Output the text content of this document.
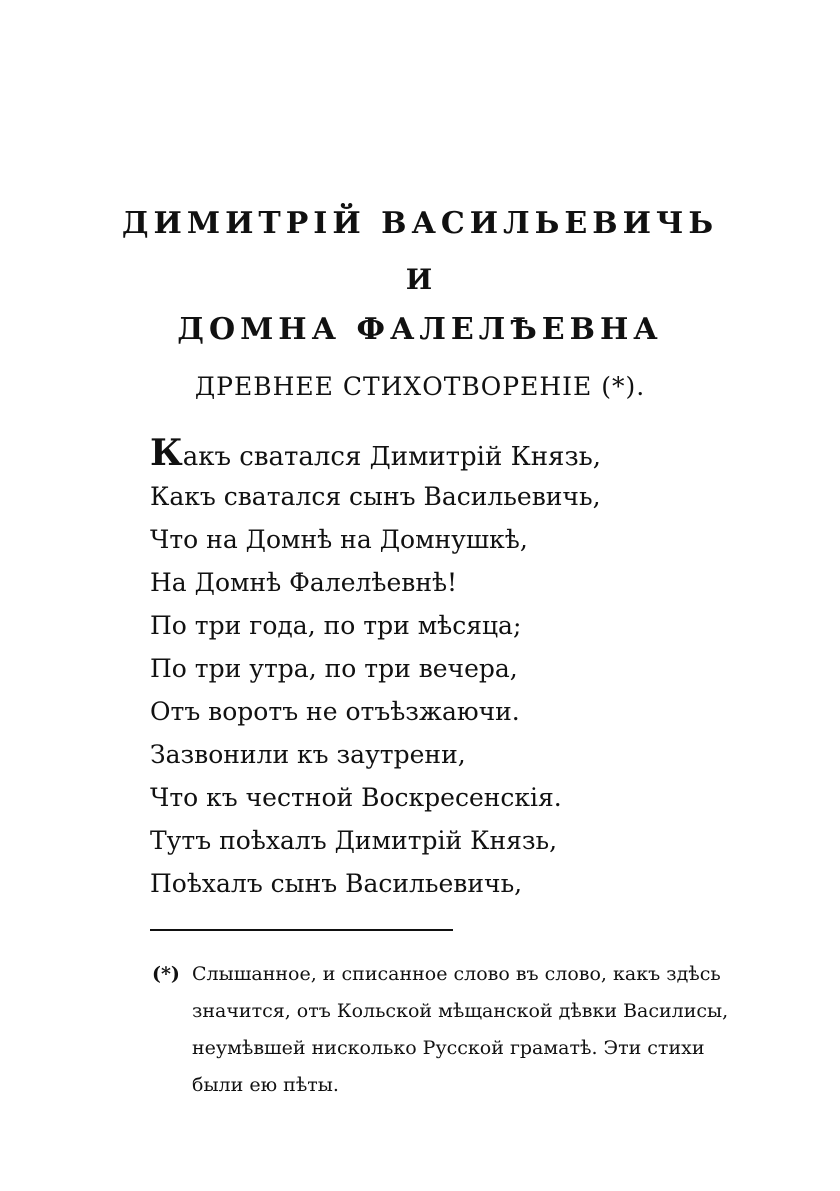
ДИМИТРІЙ ВАСИЛЬЕВИЧЬ
И
ДОМНА ФАЛЕЛѢЕВНА
ДРЕВНЕЕ СТИХОТВОРЕНІЕ (*).
Какъ сватался Димитрій Князь,
Какъ сватался сынъ Васильевичь,
Что на Домнѣ на Домнушкѣ,
На Домнѣ Фалелѣевнѣ!
По три года, по три мѣсяца;
По три утра, по три вечера,
Отъ воротъ не отъѣзжаючи.
Зазвонили къ заутрени,
Что къ честной Воскресенскія.
Тутъ поѣхалъ Димитрій Князь,
Поѣхалъ сынъ Васильевичь,
(*) Слышанное, и списанное слово въ слово, какъ здѣсь
значится, отъ Кольской мѣщанской дѣвки Василисы,
неумѣвшей нисколько Русской граматѣ. Эти стихи
были ею пѣты.
